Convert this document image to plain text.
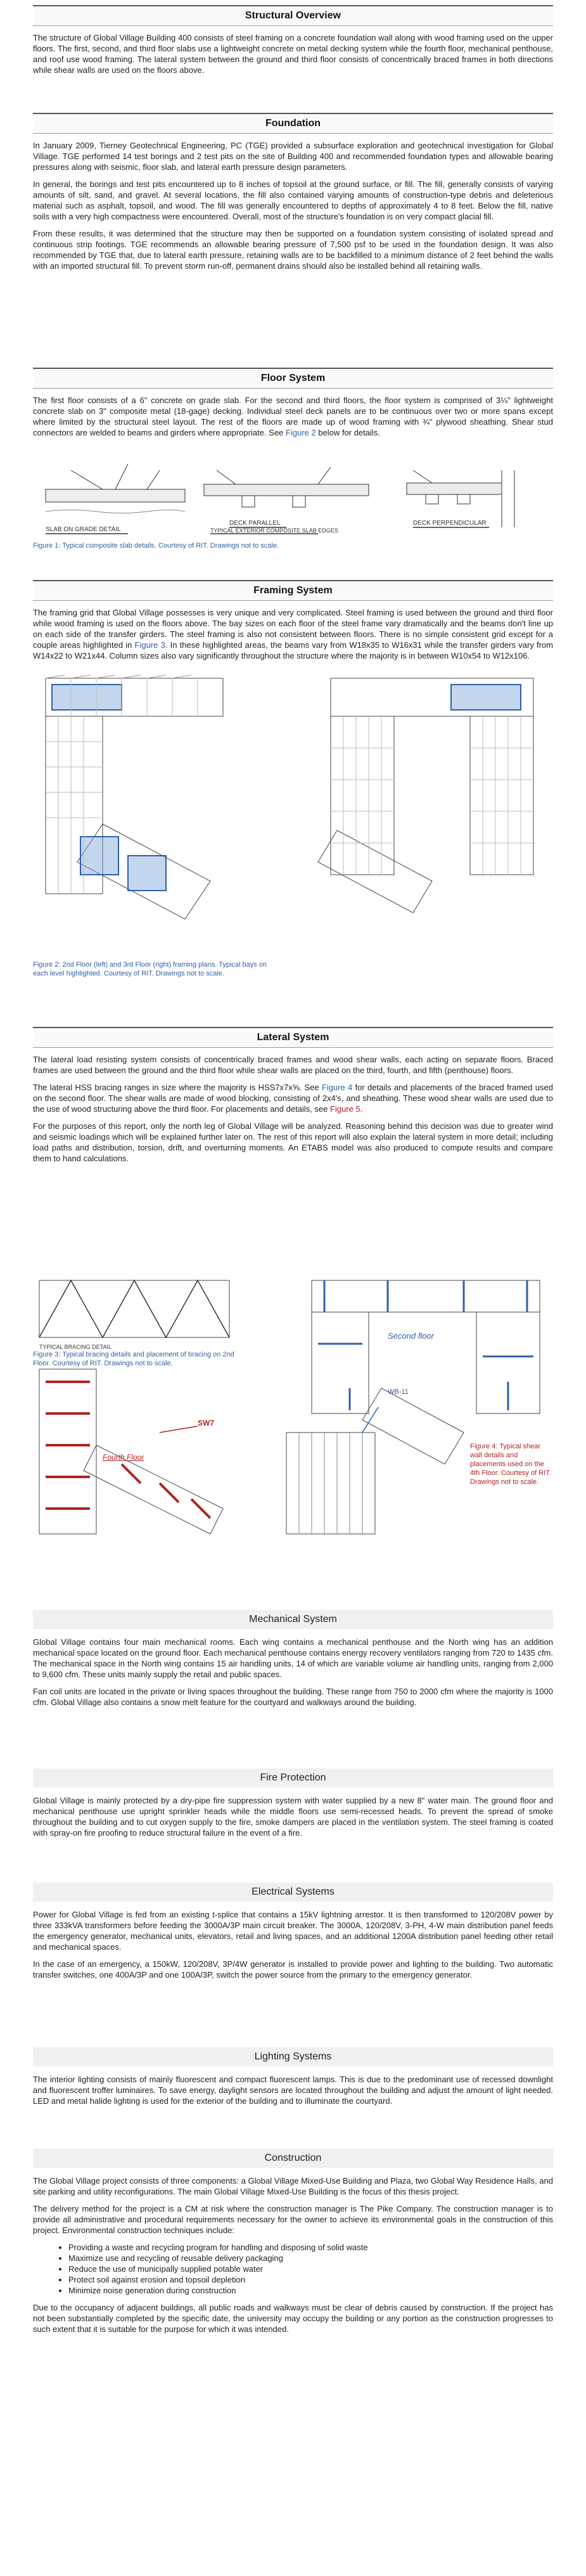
Structural Overview

The structure of Global Village Building 400 consists of steel framing on a concrete foundation wall along with wood framing used on the upper floors. The first, second, and third floor slabs use a lightweight concrete on metal decking system while the fourth floor, mechanical penthouse, and roof use wood framing. The lateral system between the ground and third floor consists of concentrically braced frames in both directions while shear walls are used on the floors above.

Foundation

In January 2009, Tierney Geotechnical Engineering, PC (TGE) provided a subsurface exploration and geotechnical investigation for Global Village. TGE performed 14 test borings and 2 test pits on the site of Building 400 and recommended foundation types and allowable bearing pressures along with seismic, floor slab, and lateral earth pressure design parameters.

In general, the borings and test pits encountered up to 8 inches of topsoil at the ground surface, or fill. The fill, generally consists of varying amounts of silt, sand, and gravel. At several locations, the fill also contained varying amounts of construction-type debris and deleterious material such as asphalt, topsoil, and wood. The fill was generally encountered to depths of approximately 4 to 8 feet. Below the fill, native soils with a very high compactness were encountered. Overall, most of the structure's foundation is on very compact glacial fill.

From these results, it was determined that the structure may then be supported on a foundation system consisting of isolated spread and continuous strip footings. TGE recommends an allowable bearing pressure of 7,500 psf to be used in the foundation design. It was also recommended by TGE that, due to lateral earth pressure, retaining walls are to be backfilled to a minimum distance of 2 feet behind the walls with an imported structural fill. To prevent storm run-off, permanent drains should also be installed behind all retaining walls.

Floor System

The first floor consists of a 6" concrete on grade slab. For the second and third floors, the floor system is comprised of 3¼" lightweight concrete slab on 3" composite metal (18-gage) decking. Individual steel deck panels are to be continuous over two or more spans except where limited by the structural steel layout. The rest of the floors are made up of wood framing with ¾" plywood sheathing. Shear stud connectors are welded to beams and girders where appropriate. See Figure 2 below for details.

SLAB ON GRADE DETAIL
DECK PARALLEL
TYPICAL EXTERIOR COMPOSITE SLAB EDGES
DECK PERPENDICULAR
Figure 1: Typical composite slab details. Courtesy of RIT. Drawings not to scale.
Framing System

The framing grid that Global Village possesses is very unique and very complicated. Steel framing is used between the ground and third floor while wood framing is used on the floors above. The bay sizes on each floor of the steel frame vary dramatically and the beams don't line up on each side of the transfer girders. The steel framing is also not consistent between floors. There is no simple consistent grid except for a couple areas highlighted in Figure 3. In these highlighted areas, the beams vary from W18x35 to W16x31 while the transfer girders vary from W14x22 to W21x44. Column sizes also vary significantly throughout the structure where the majority is in between W10x54 to W12x106.

Figure 2: 2nd Floor (left) and 3rd Floor (right) framing plans. Typical bays on each level highlighted. Courtesy of RIT. Drawings not to scale.
Lateral System

The lateral load resisting system consists of concentrically braced frames and wood shear walls, each acting on separate floors. Braced frames are used between the ground and the third floor while shear walls are placed on the third, fourth, and fifth (penthouse) floors.

The lateral HSS bracing ranges in size where the majority is HSS7x7x⅝. See Figure 4 for details and placements of the braced framed used on the second floor. The shear walls are made of wood blocking, consisting of 2x4's, and sheathing. These wood shear walls are used due to the use of wood structuring above the third floor. For placements and details, see Figure 5.

For the purposes of this report, only the north leg of Global Village will be analyzed. Reasoning behind this decision was due to greater wind and seismic loadings which will be explained further later on. The rest of this report will also explain the lateral system in more detail; including load paths and distribution, torsion, drift, and overturning moments. An ETABS model was also produced to compute results and compare them to hand calculations.

TYPICAL BRACING DETAIL
Second floor
WB-11
SW7
Fourth Floor
Figure 3: Typical bracing details and placement of bracing on 2nd Floor. Courtesy of RIT. Drawings not to scale.
Figure 4: Typical shear wall details and placements used on the 4th Floor. Courtesy of RIT. Drawings not to scale.
Mechanical System

Global Village contains four main mechanical rooms. Each wing contains a mechanical penthouse and the North wing has an addition mechanical space located on the ground floor. Each mechanical penthouse contains energy recovery ventilators ranging from 720 to 1435 cfm. The mechanical space in the North wing contains 15 air handling units, 14 of which are variable volume air handling units, ranging from 2,000 to 9,600 cfm. These units mainly supply the retail and public spaces.

Fan coil units are located in the private or living spaces throughout the building. These range from 750 to 2000 cfm where the majority is 1000 cfm. Global Village also contains a snow melt feature for the courtyard and walkways around the building.

Fire Protection

Global Village is mainly protected by a dry-pipe fire suppression system with water supplied by a new 8" water main. The ground floor and mechanical penthouse use upright sprinkler heads while the middle floors use semi-recessed heads. To prevent the spread of smoke throughout the building and to cut oxygen supply to the fire, smoke dampers are placed in the ventilation system. The steel framing is coated with spray-on fire proofing to reduce structural failure in the event of a fire.

Electrical Systems

Power for Global Village is fed from an existing t-splice that contains a 15kV lightning arrestor. It is then transformed to 120/208V power by three 333kVA transformers before feeding the 3000A/3P main circuit breaker. The 3000A, 120/208V, 3-PH, 4-W main distribution panel feeds the emergency generator, mechanical units, elevators, retail and living spaces, and an additional 1200A distribution panel feeding other retail and mechanical spaces.

In the case of an emergency, a 150kW, 120/208V, 3P/4W generator is installed to provide power and lighting to the building. Two automatic transfer switches, one 400A/3P and one 100A/3P, switch the power source from the primary to the emergency generator.

Lighting Systems

The interior lighting consists of mainly fluorescent and compact fluorescent lamps. This is due to the predominant use of recessed downlight and fluorescent troffer luminaires. To save energy, daylight sensors are located throughout the building and adjust the amount of light needed. LED and metal halide lighting is used for the exterior of the building and to illuminate the courtyard.

Construction

The Global Village project consists of three components: a Global Village Mixed-Use Building and Plaza, two Global Way Residence Halls, and site parking and utility reconfigurations. The main Global Village Mixed-Use Building is the focus of this thesis project.

The delivery method for the project is a CM at risk where the construction manager is The Pike Company. The construction manager is to provide all administrative and procedural requirements necessary for the owner to achieve its environmental goals in the construction of this project. Environmental construction techniques include:

• Providing a waste and recycling program for handling and disposing of solid waste
• Maximize use and recycling of reusable delivery packaging
• Reduce the use of municipally supplied potable water
• Protect soil against erosion and topsoil depletion
• Minimize noise generation during construction

Due to the occupancy of adjacent buildings, all public roads and walkways must be clear of debris caused by construction. If the project has not been substantially completed by the specific date, the university may occupy the building or any portion as the construction progresses to such extent that it is suitable for the purpose for which it was intended.
